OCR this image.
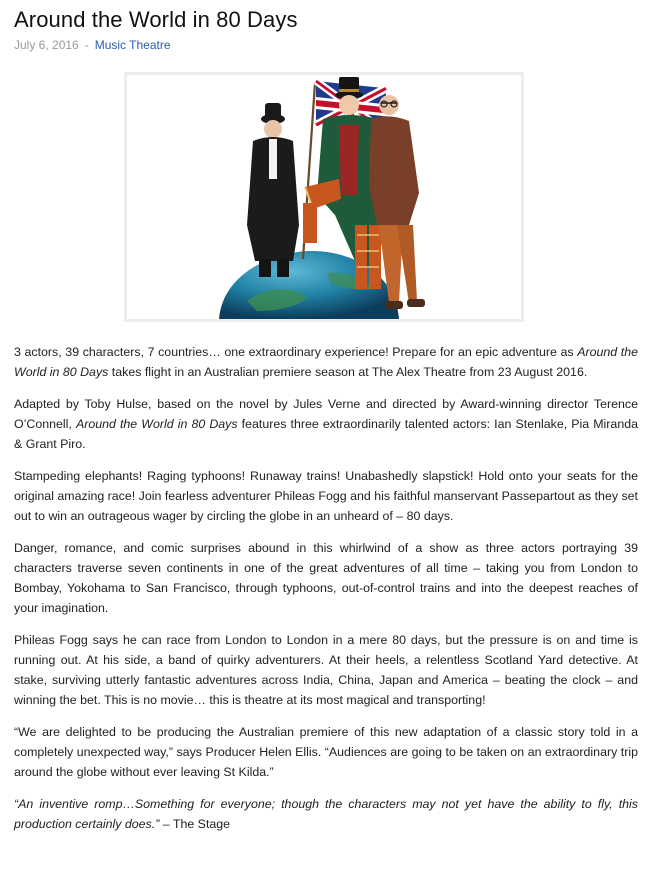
Around the World in 80 Days
July 6, 2016 - Music Theatre

3 actors, 39 characters, 7 countries… one extraordinary experience! Prepare for an epic adventure as Around the World in 80 Days takes flight in an Australian premiere season at The Alex Theatre from 23 August 2016.

Adapted by Toby Hulse, based on the novel by Jules Verne and directed by Award-winning director Terence O’Connell, Around the World in 80 Days features three extraordinarily talented actors: Ian Stenlake, Pia Miranda & Grant Piro.

Stampeding elephants! Raging typhoons! Runaway trains! Unabashedly slapstick! Hold onto your seats for the original amazing race! Join fearless adventurer Phileas Fogg and his faithful manservant Passepartout as they set out to win an outrageous wager by circling the globe in an unheard of – 80 days.

Danger, romance, and comic surprises abound in this whirlwind of a show as three actors portraying 39 characters traverse seven continents in one of the great adventures of all time – taking you from London to Bombay, Yokohama to San Francisco, through typhoons, out-of-control trains and into the deepest reaches of your imagination.

Phileas Fogg says he can race from London to London in a mere 80 days, but the pressure is on and time is running out. At his side, a band of quirky adventurers. At their heels, a relentless Scotland Yard detective. At stake, surviving utterly fantastic adventures across India, China, Japan and America – beating the clock – and winning the bet. This is no movie… this is theatre at its most magical and transporting!

“We are delighted to be producing the Australian premiere of this new adaptation of a classic story told in a completely unexpected way,” says Producer Helen Ellis. “Audiences are going to be taken on an extraordinary trip around the globe without ever leaving St Kilda.”

“An inventive romp…Something for everyone; though the characters may not yet have the ability to fly, this production certainly does.” – The Stage
